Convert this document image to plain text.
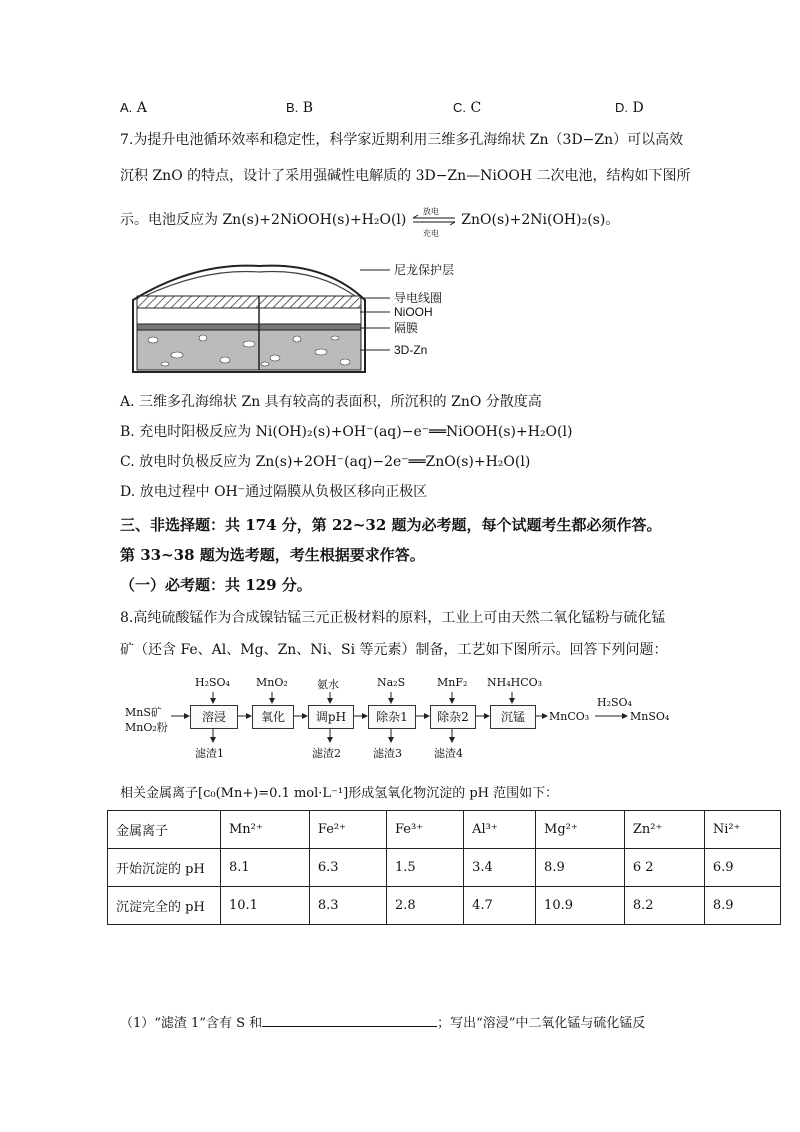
A. A	B. B	C. C	D. D
7.为提升电池循环效率和稳定性，科学家近期利用三维多孔海绵状 Zn（3D−Zn）可以高效
沉积 ZnO 的特点，设计了采用强碱性电解质的 3D−Zn—NiOOH 二次电池，结构如下图所
示。电池反应为 Zn(s)+2NiOOH(s)+H₂O(l)
放电
充电
ZnO(s)+2Ni(OH)₂(s)。
尼龙保护层
导电线圈
NiOOH
隔膜
3D-Zn
A. 三维多孔海绵状 Zn 具有较高的表面积，所沉积的 ZnO 分散度高
B. 充电时阳极反应为 Ni(OH)₂(s)+OH⁻(aq)−e⁻══NiOOH(s)+H₂O(l)
C. 放电时负极反应为 Zn(s)+2OH⁻(aq)−2e⁻══ZnO(s)+H₂O(l)
D. 放电过程中 OH⁻通过隔膜从负极区移向正极区
三、非选择题：共 174 分，第 22~32 题为必考题，每个试题考生都必须作答。
第 33~38 题为选考题，考生根据要求作答。
（一）必考题：共 129 分。
8.高纯硫酸锰作为合成镍钴锰三元正极材料的原料，工业上可由天然二氧化锰粉与硫化锰
矿（还含 Fe、Al、Mg、Zn、Ni、Si 等元素）制备，工艺如下图所示。回答下列问题：
MnS矿
MnO₂粉
溶浸	氧化	调pH	除杂1	除杂2	沉锰
H₂SO₄ MnO₂	氨水	Na₂S	MnF₂ NH₄HCO₃
滤渣1	滤渣2	滤渣3	滤渣4
MnCO₃
H₂SO₄
MnSO₄
相关金属离子[c₀(Mn+)=0.1 mol·L⁻¹]形成氢氧化物沉淀的 pH 范围如下：
金属离子	Mn²⁺	Fe²⁺	Fe³⁺	Al³⁺	Mg²⁺	Zn²⁺	Ni²⁺
开始沉淀的 pH	8.1	6.3	1.5	3.4	8.9	6 2	6.9
沉淀完全的 pH	10.1	8.3	2.8	4.7	10.9	8.2	8.9
（1）“滤渣 1”含有 S 和	；写出“溶浸”中二氧化锰与硫化锰反
